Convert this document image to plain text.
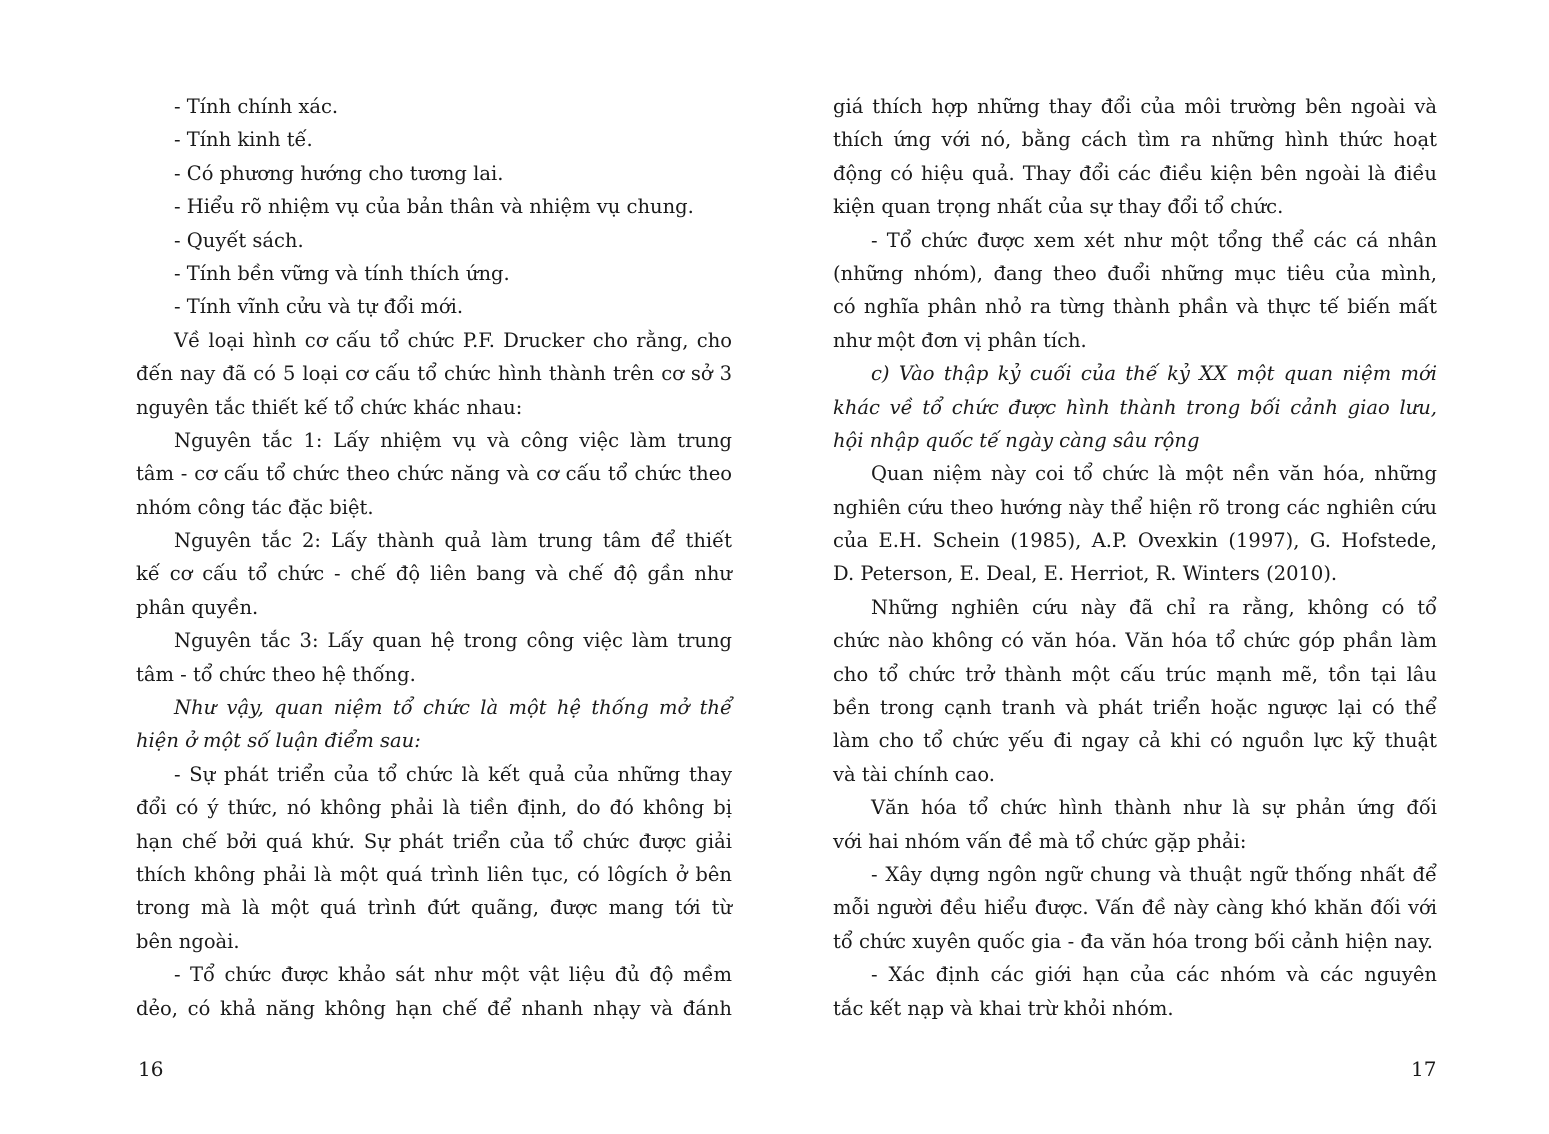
- Tính chính xác.
- Tính kinh tế.
- Có phương hướng cho tương lai.
- Hiểu rõ nhiệm vụ của bản thân và nhiệm vụ chung.
- Quyết sách.
- Tính bền vững và tính thích ứng.
- Tính vĩnh cửu và tự đổi mới.
Về loại hình cơ cấu tổ chức P.F. Drucker cho rằng, cho
đến nay đã có 5 loại cơ cấu tổ chức hình thành trên cơ sở 3
nguyên tắc thiết kế tổ chức khác nhau:
Nguyên tắc 1: Lấy nhiệm vụ và công việc làm trung
tâm - cơ cấu tổ chức theo chức năng và cơ cấu tổ chức theo
nhóm công tác đặc biệt.
Nguyên tắc 2: Lấy thành quả làm trung tâm để thiết
kế cơ cấu tổ chức - chế độ liên bang và chế độ gần như
phân quyền.
Nguyên tắc 3: Lấy quan hệ trong công việc làm trung
tâm - tổ chức theo hệ thống.
Như vậy, quan niệm tổ chức là một hệ thống mở thể
hiện ở một số luận điểm sau:
- Sự phát triển của tổ chức là kết quả của những thay
đổi có ý thức, nó không phải là tiền định, do đó không bị
hạn chế bởi quá khứ. Sự phát triển của tổ chức được giải
thích không phải là một quá trình liên tục, có lôgích ở bên
trong mà là một quá trình đứt quãng, được mang tới từ
bên ngoài.
- Tổ chức được khảo sát như một vật liệu đủ độ mềm
dẻo, có khả năng không hạn chế để nhanh nhạy và đánh
giá thích hợp những thay đổi của môi trường bên ngoài và
thích ứng với nó, bằng cách tìm ra những hình thức hoạt
động có hiệu quả. Thay đổi các điều kiện bên ngoài là điều
kiện quan trọng nhất của sự thay đổi tổ chức.
- Tổ chức được xem xét như một tổng thể các cá nhân
(những nhóm), đang theo đuổi những mục tiêu của mình,
có nghĩa phân nhỏ ra từng thành phần và thực tế biến mất
như một đơn vị phân tích.
c) Vào thập kỷ cuối của thế kỷ XX một quan niệm mới
khác về tổ chức được hình thành trong bối cảnh giao lưu,
hội nhập quốc tế ngày càng sâu rộng
Quan niệm này coi tổ chức là một nền văn hóa, những
nghiên cứu theo hướng này thể hiện rõ trong các nghiên cứu
của E.H. Schein (1985), A.P. Ovexkin (1997), G. Hofstede,
D. Peterson, E. Deal, E. Herriot, R. Winters (2010).
Những nghiên cứu này đã chỉ ra rằng, không có tổ
chức nào không có văn hóa. Văn hóa tổ chức góp phần làm
cho tổ chức trở thành một cấu trúc mạnh mẽ, tồn tại lâu
bền trong cạnh tranh và phát triển hoặc ngược lại có thể
làm cho tổ chức yếu đi ngay cả khi có nguồn lực kỹ thuật
và tài chính cao.
Văn hóa tổ chức hình thành như là sự phản ứng đối
với hai nhóm vấn đề mà tổ chức gặp phải:
- Xây dựng ngôn ngữ chung và thuật ngữ thống nhất để
mỗi người đều hiểu được. Vấn đề này càng khó khăn đối với
tổ chức xuyên quốc gia - đa văn hóa trong bối cảnh hiện nay.
- Xác định các giới hạn của các nhóm và các nguyên
tắc kết nạp và khai trừ khỏi nhóm.
16	17
